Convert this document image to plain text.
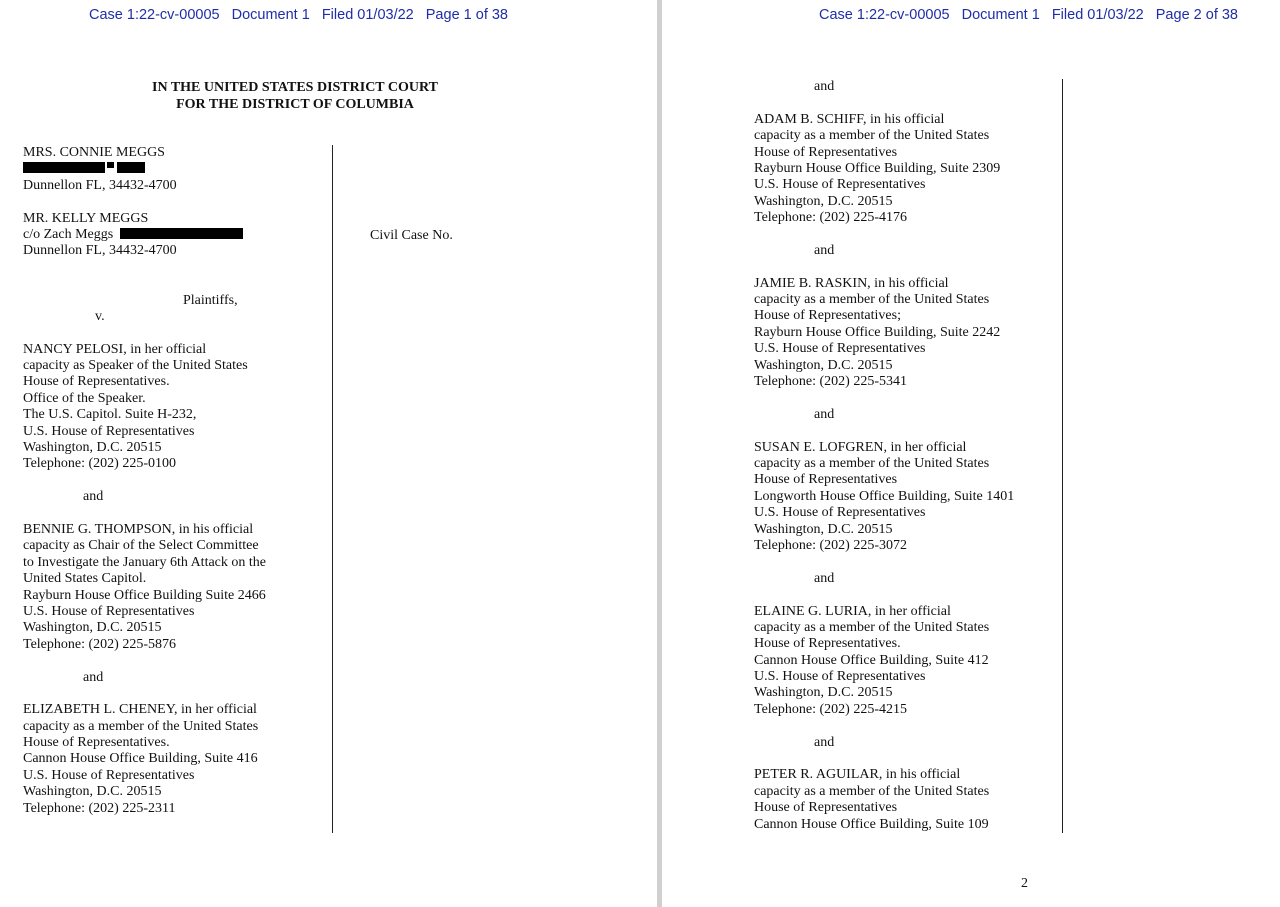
Case 1:22-cv-00005 Document 1 Filed 01/03/22 Page 1 of 38
IN THE UNITED STATES DISTRICT COURT
FOR THE DISTRICT OF COLUMBIA
MRS. CONNIE MEGGS
Dunnellon FL, 34432-4700
MR. KELLY MEGGS
c/o Zach Meggs
Dunnellon FL, 34432-4700
Plaintiffs,
v.
NANCY PELOSI, in her official
capacity as Speaker of the United States
House of Representatives.
Office of the Speaker.
The U.S. Capitol. Suite H-232,
U.S. House of Representatives
Washington, D.C. 20515
Telephone: (202) 225-0100
and
BENNIE G. THOMPSON, in his official
capacity as Chair of the Select Committee
to Investigate the January 6th Attack on the
United States Capitol.
Rayburn House Office Building Suite 2466
U.S. House of Representatives
Washington, D.C. 20515
Telephone: (202) 225-5876
and
ELIZABETH L. CHENEY, in her official
capacity as a member of the United States
House of Representatives.
Cannon House Office Building, Suite 416
U.S. House of Representatives
Washington, D.C. 20515
Telephone: (202) 225-2311
Civil Case No.
Case 1:22-cv-00005 Document 1 Filed 01/03/22 Page 2 of 38
and
ADAM B. SCHIFF, in his official
capacity as a member of the United States
House of Representatives
Rayburn House Office Building, Suite 2309
U.S. House of Representatives
Washington, D.C. 20515
Telephone: (202) 225-4176
and
JAMIE B. RASKIN, in his official
capacity as a member of the United States
House of Representatives;
Rayburn House Office Building, Suite 2242
U.S. House of Representatives
Washington, D.C. 20515
Telephone: (202) 225-5341
and
SUSAN E. LOFGREN, in her official
capacity as a member of the United States
House of Representatives
Longworth House Office Building, Suite 1401
U.S. House of Representatives
Washington, D.C. 20515
Telephone: (202) 225-3072
and
ELAINE G. LURIA, in her official
capacity as a member of the United States
House of Representatives.
Cannon House Office Building, Suite 412
U.S. House of Representatives
Washington, D.C. 20515
Telephone: (202) 225-4215
and
PETER R. AGUILAR, in his official
capacity as a member of the United States
House of Representatives
Cannon House Office Building, Suite 109
2
